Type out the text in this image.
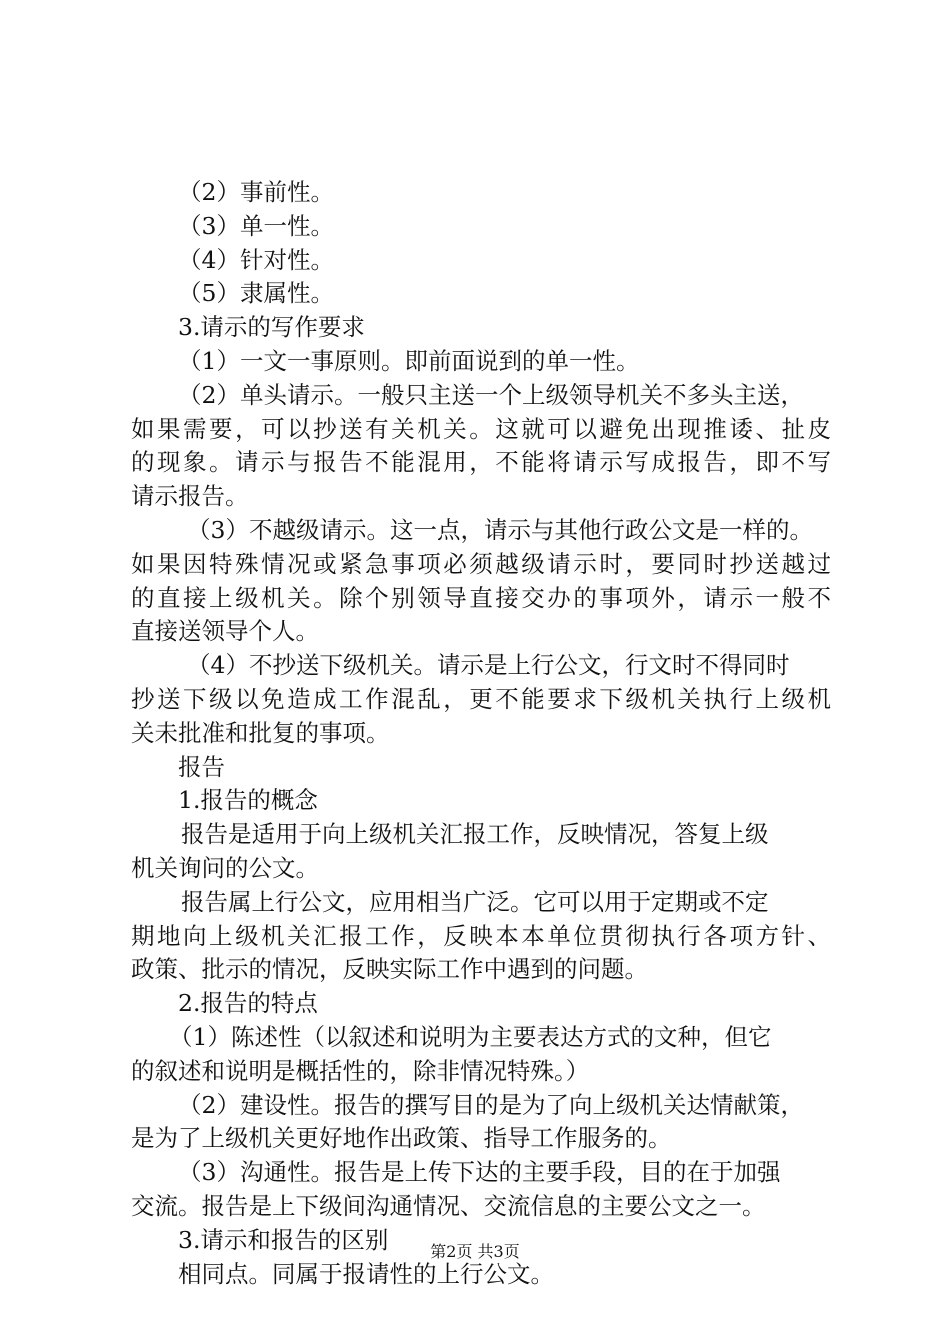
（2）事前性。
（3）单一性。
（4）针对性。
（5）隶属性。
3.请示的写作要求
（1）一文一事原则。即前面说到的单一性。
（2）单头请示。一般只主送一个上级领导机关不多头主送，
如果需要，可以抄送有关机关。这就可以避免出现推诿、扯皮
的现象。请示与报告不能混用，不能将请示写成报告，即不写
请示报告。
（3）不越级请示。这一点，请示与其他行政公文是一样的。
如果因特殊情况或紧急事项必须越级请示时，要同时抄送越过
的直接上级机关。除个别领导直接交办的事项外，请示一般不
直接送领导个人。
（4）不抄送下级机关。请示是上行公文，行文时不得同时
抄送下级以免造成工作混乱，更不能要求下级机关执行上级机
关未批准和批复的事项。
报告
1.报告的概念
报告是适用于向上级机关汇报工作，反映情况，答复上级
机关询问的公文。
报告属上行公文，应用相当广泛。它可以用于定期或不定
期地向上级机关汇报工作，反映本本单位贯彻执行各项方针、
政策、批示的情况，反映实际工作中遇到的问题。
2.报告的特点
（1）陈述性（以叙述和说明为主要表达方式的文种，但它
的叙述和说明是概括性的，除非情况特殊。）
（2）建设性。报告的撰写目的是为了向上级机关达情献策，
是为了上级机关更好地作出政策、指导工作服务的。
（3）沟通性。报告是上传下达的主要手段，目的在于加强
交流。报告是上下级间沟通情况、交流信息的主要公文之一。
3.请示和报告的区别
相同点。同属于报请性的上行公文。
第2页 共3页
